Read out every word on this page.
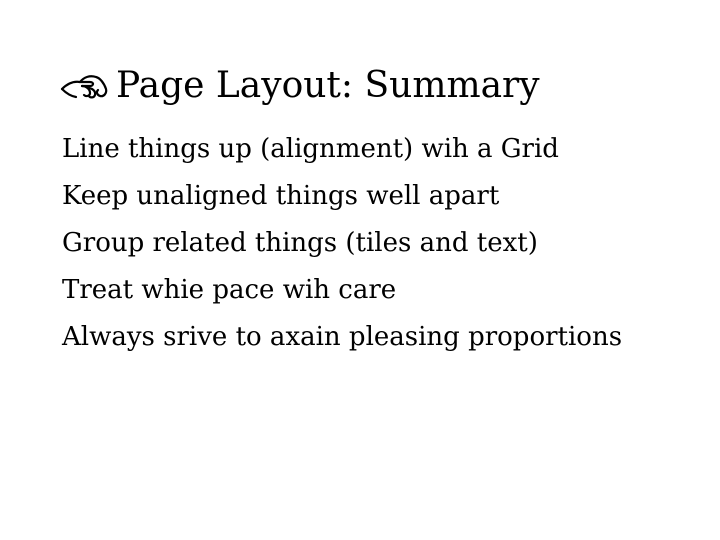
Page Layout: Summary
Line things up (alignment) wih a Grid
Keep unaligned things well apart
Group related things (tiles and text)
Treat whie pace wih care
Always srive to axain pleasing proportions
